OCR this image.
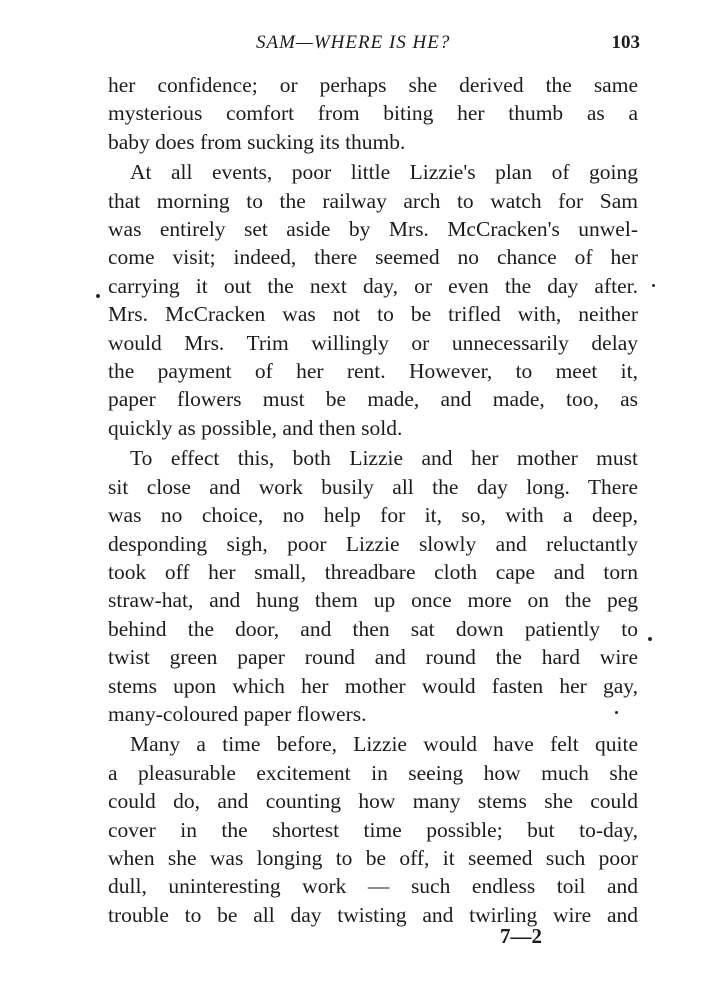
SAM—WHERE IS HE?	103

her confidence; or perhaps she derived the same

mysterious comfort from biting her thumb as a

baby does from sucking its thumb.

At all events, poor little Lizzie's plan of going

that morning to the railway arch to watch for Sam

was entirely set aside by Mrs. McCracken's unwel-

come visit; indeed, there seemed no chance of her

carrying it out the next day, or even the day after.

Mrs. McCracken was not to be trifled with, neither

would Mrs. Trim willingly or unnecessarily delay

the payment of her rent. However, to meet it,

paper flowers must be made, and made, too, as

quickly as possible, and then sold.

To effect this, both Lizzie and her mother must

sit close and work busily all the day long. There

was no choice, no help for it, so, with a deep,

desponding sigh, poor Lizzie slowly and reluctantly

took off her small, threadbare cloth cape and torn

straw-hat, and hung them up once more on the peg

behind the door, and then sat down patiently to

twist green paper round and round the hard wire

stems upon which her mother would fasten her gay,

many-coloured paper flowers.

Many a time before, Lizzie would have felt quite

a pleasurable excitement in seeing how much she

could do, and counting how many stems she could

cover in the shortest time possible; but to-day,

when she was longing to be off, it seemed such poor

dull, uninteresting work — such endless toil and

trouble to be all day twisting and twirling wire and

7—2
